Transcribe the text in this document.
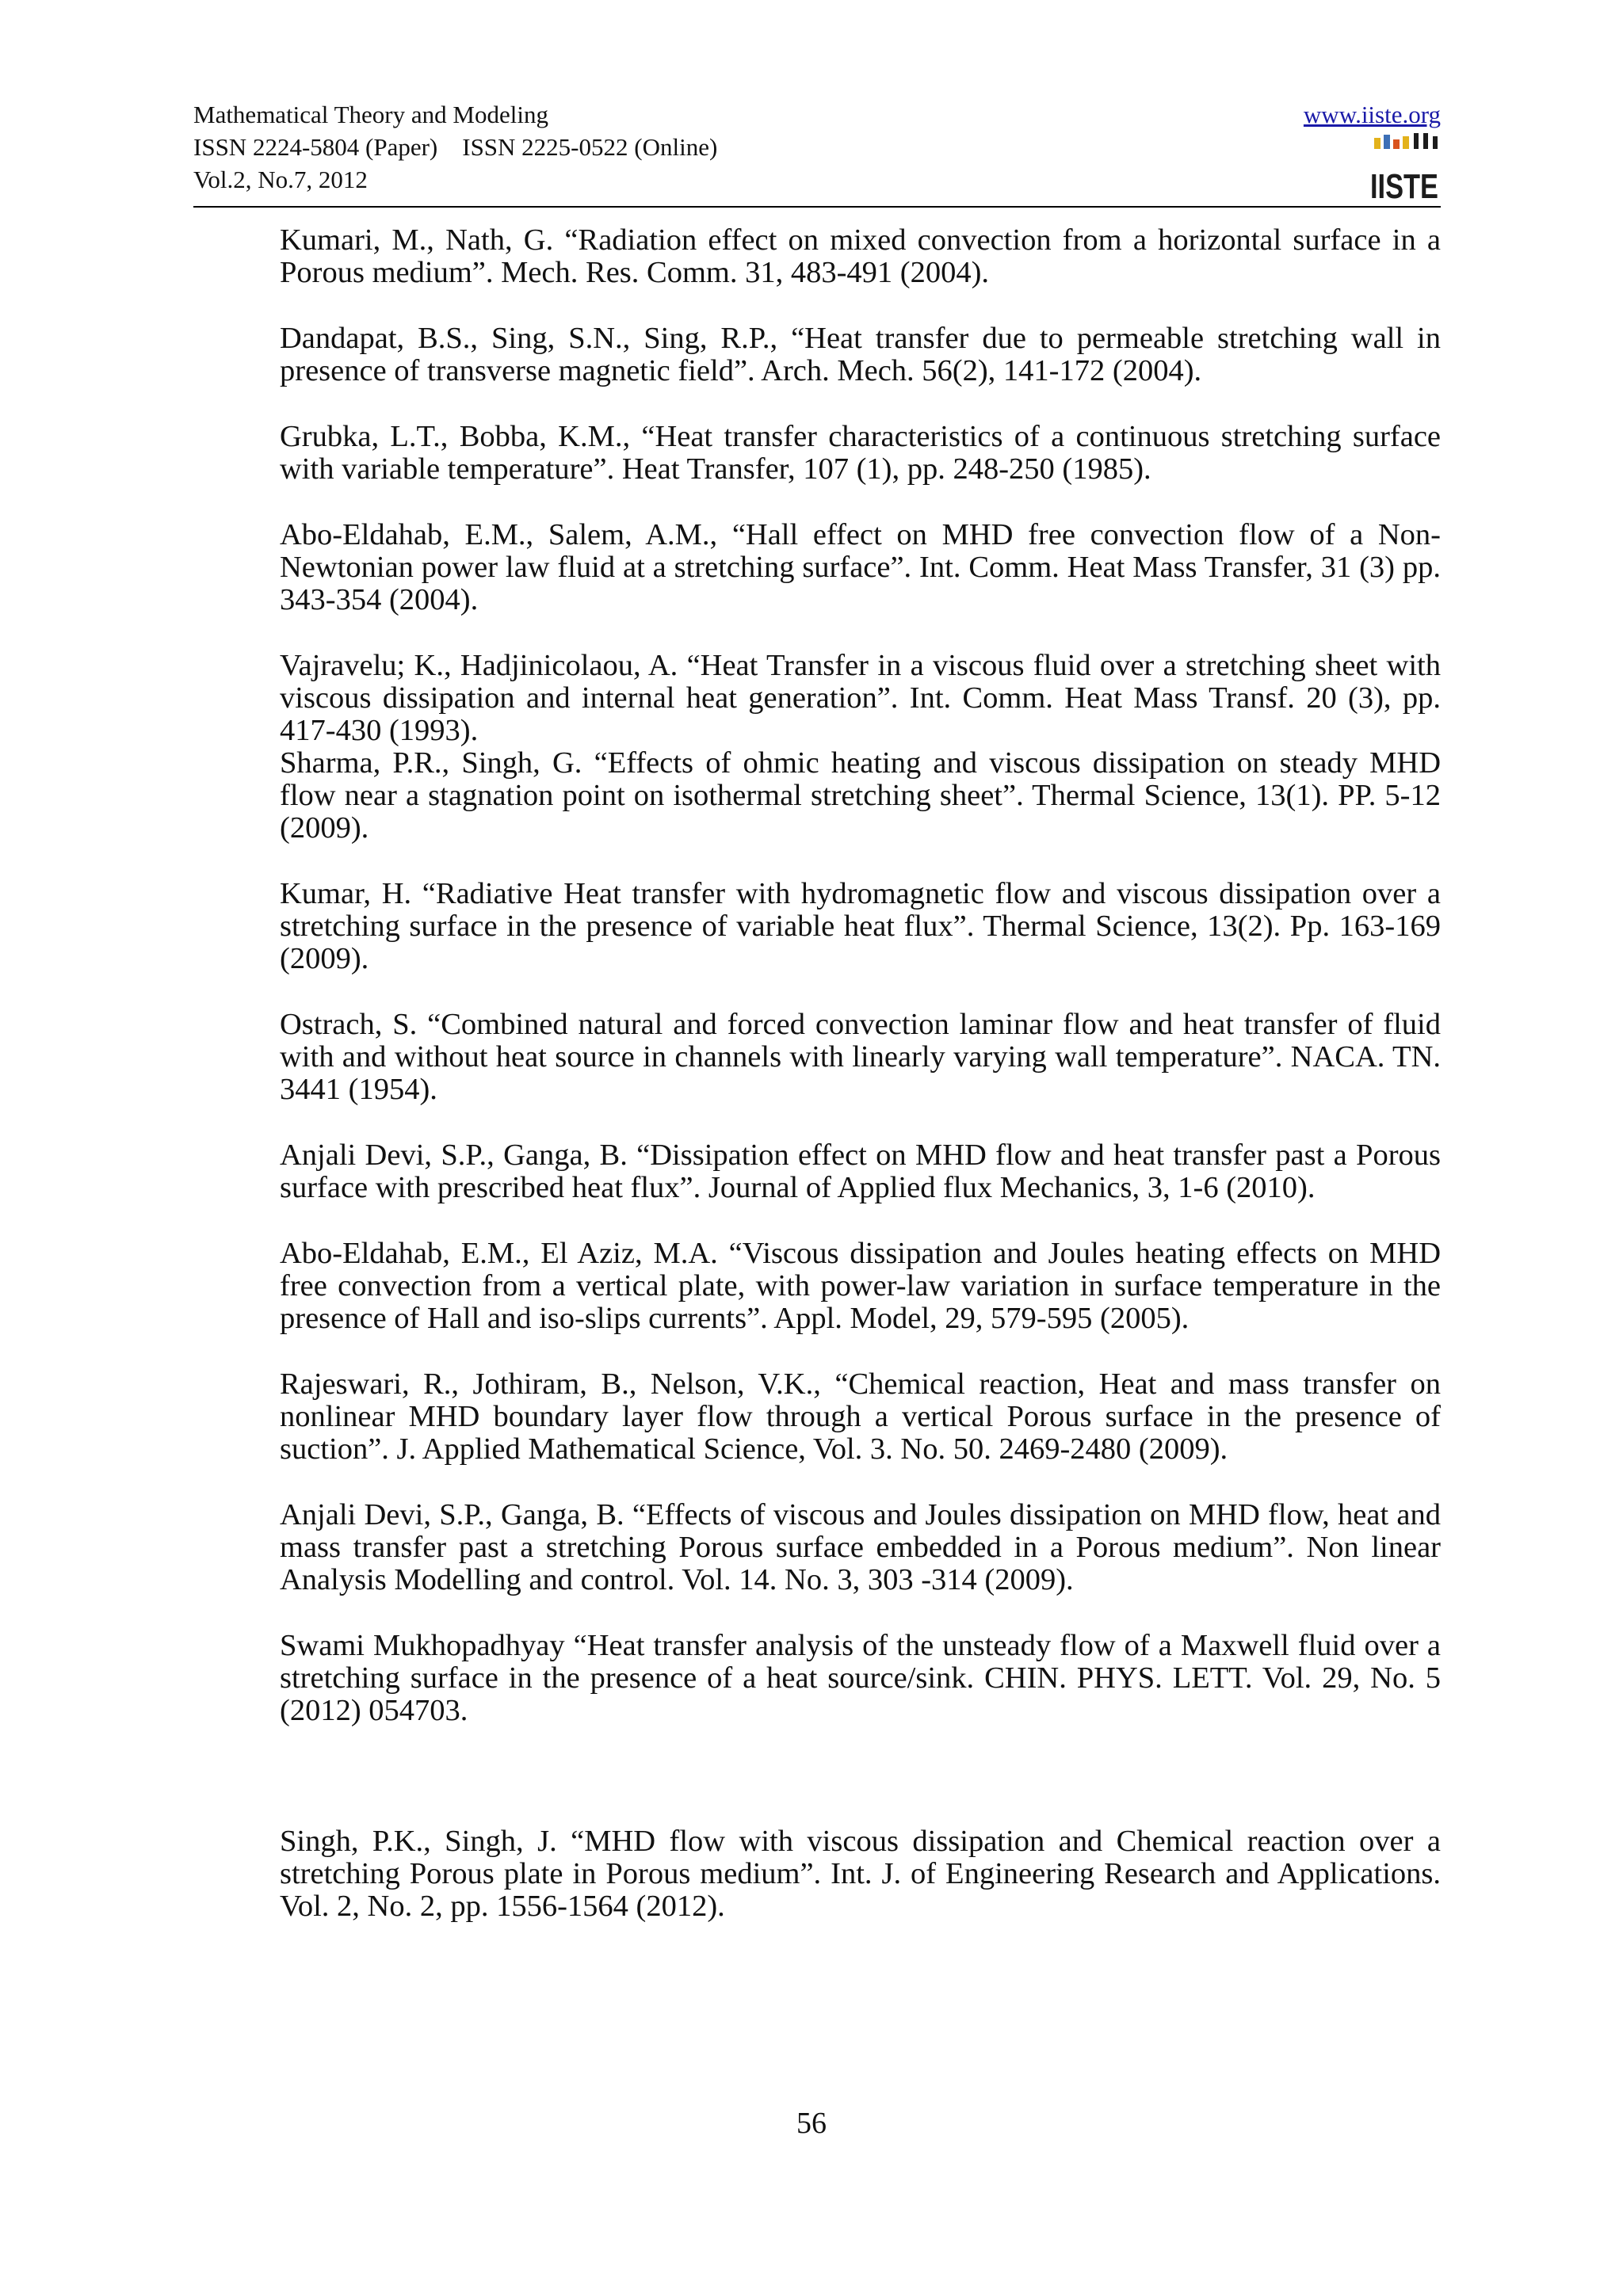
Mathematical Theory and Modeling
ISSN 2224-5804 (Paper)    ISSN 2225-0522 (Online)
Vol.2, No.7, 2012
www.iiste.org
IISTE

Kumari, M., Nath, G. “Radiation effect on mixed convection from a horizontal surface in a Porous medium”. Mech. Res. Comm. 31, 483-491 (2004).

Dandapat, B.S., Sing, S.N., Sing, R.P., “Heat transfer due to permeable stretching wall in presence of transverse magnetic field”. Arch. Mech. 56(2), 141-172 (2004).

Grubka, L.T., Bobba, K.M., “Heat transfer characteristics of a continuous stretching surface with variable temperature”. Heat Transfer, 107 (1), pp. 248-250 (1985).

Abo-Eldahab, E.M., Salem, A.M., “Hall effect on MHD free convection flow of a Non-Newtonian power law fluid at a stretching surface”. Int. Comm. Heat Mass Transfer, 31 (3) pp. 343-354 (2004).

Vajravelu; K., Hadjinicolaou, A. “Heat Transfer in a viscous fluid over a stretching sheet with viscous dissipation and internal heat generation”. Int. Comm. Heat Mass Transf. 20 (3), pp. 417-430 (1993).

Sharma, P.R., Singh, G. “Effects of ohmic heating and viscous dissipation on steady MHD flow near a stagnation point on isothermal stretching sheet”. Thermal Science, 13(1). PP. 5-12 (2009).

Kumar, H. “Radiative Heat transfer with hydromagnetic flow and viscous dissipation over a stretching surface in the presence of variable heat flux”. Thermal Science, 13(2). Pp. 163-169 (2009).

Ostrach, S. “Combined natural and forced convection laminar flow and heat transfer of fluid with and without heat source in channels with linearly varying wall temperature”. NACA. TN. 3441 (1954).

Anjali Devi, S.P., Ganga, B. “Dissipation effect on MHD flow and heat transfer past a Porous surface with prescribed heat flux”. Journal of Applied flux Mechanics, 3, 1-6 (2010).

Abo-Eldahab, E.M., El Aziz, M.A. “Viscous dissipation and Joules heating effects on MHD free convection from a vertical plate, with power-law variation in surface temperature in the presence of Hall and iso-slips currents”. Appl. Model, 29, 579-595 (2005).

Rajeswari, R., Jothiram, B., Nelson, V.K., “Chemical reaction, Heat and mass transfer on nonlinear MHD boundary layer flow through a vertical Porous surface in the presence of suction”. J. Applied Mathematical Science, Vol. 3. No. 50. 2469-2480 (2009).

Anjali Devi, S.P., Ganga, B. “Effects of viscous and Joules dissipation on MHD flow, heat and mass transfer past a stretching Porous surface embedded in a Porous medium”. Non linear Analysis Modelling and control. Vol. 14. No. 3, 303 -314 (2009).

Swami Mukhopadhyay “Heat transfer analysis of the unsteady flow of a Maxwell fluid over a stretching surface in the presence of a heat source/sink. CHIN. PHYS. LETT. Vol. 29, No. 5 (2012) 054703.

Singh, P.K., Singh, J. “MHD flow with viscous dissipation and Chemical reaction over a stretching Porous plate in Porous medium”. Int. J. of Engineering Research and Applications. Vol. 2, No. 2, pp. 1556-1564 (2012).

56
